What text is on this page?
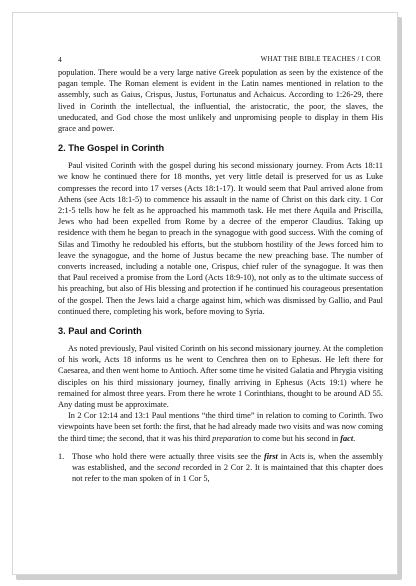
4	WHAT THE BIBLE TEACHES / I COR

population. There would be a very large native Greek population as seen by the existence of the pagan temple. The Roman element is evident in the Latin names mentioned in relation to the assembly, such as Gaius, Crispus, Justus, Fortunatus and Achaicus. According to 1:26-29, there lived in Corinth the intellectual, the influential, the aristocratic, the poor, the slaves, the uneducated, and God chose the most unlikely and unpromising people to display in them His grace and power.

2. The Gospel in Corinth

Paul visited Corinth with the gospel during his second missionary journey. From Acts 18:11 we know he continued there for 18 months, yet very little detail is preserved for us as Luke compresses the record into 17 verses (Acts 18:1-17). It would seem that Paul arrived alone from Athens (see Acts 18:1-5) to commence his assault in the name of Christ on this dark city. 1 Cor 2:1-5 tells how he felt as he approached his mammoth task. He met there Aquila and Priscilla, Jews who had been expelled from Rome by a decree of the emperor Claudius. Taking up residence with them he began to preach in the synagogue with good success. With the coming of Silas and Timothy he redoubled his efforts, but the stubborn hostility of the Jews forced him to leave the synagogue, and the home of Justus became the new preaching base. The number of converts increased, including a notable one, Crispus, chief ruler of the synagogue. It was then that Paul received a promise from the Lord (Acts 18:9-10), not only as to the ultimate success of his preaching, but also of His blessing and protection if he continued his courageous presentation of the gospel. Then the Jews laid a charge against him, which was dismissed by Gallio, and Paul continued there, completing his work, before moving to Syria.

3. Paul and Corinth

As noted previously, Paul visited Corinth on his second missionary journey. At the completion of his work, Acts 18 informs us he went to Cenchrea then on to Ephesus. He left there for Caesarea, and then went home to Antioch. After some time he visited Galatia and Phrygia visiting disciples on his third missionary journey, finally arriving in Ephesus (Acts 19:1) where he remained for almost three years. From there he wrote 1 Corinthians, thought to be around AD 55. Any dating must be approximate.

In 2 Cor 12:14 and 13:1 Paul mentions “the third time” in relation to coming to Corinth. Two viewpoints have been set forth: the first, that he had already made two visits and was now coming the third time; the second, that it was his third preparation to come but his second in fact.

1. Those who hold there were actually three visits see the first in Acts is, when the assembly was established, and the second recorded in 2 Cor 2. It is maintained that this chapter does not refer to the man spoken of in 1 Cor 5,
